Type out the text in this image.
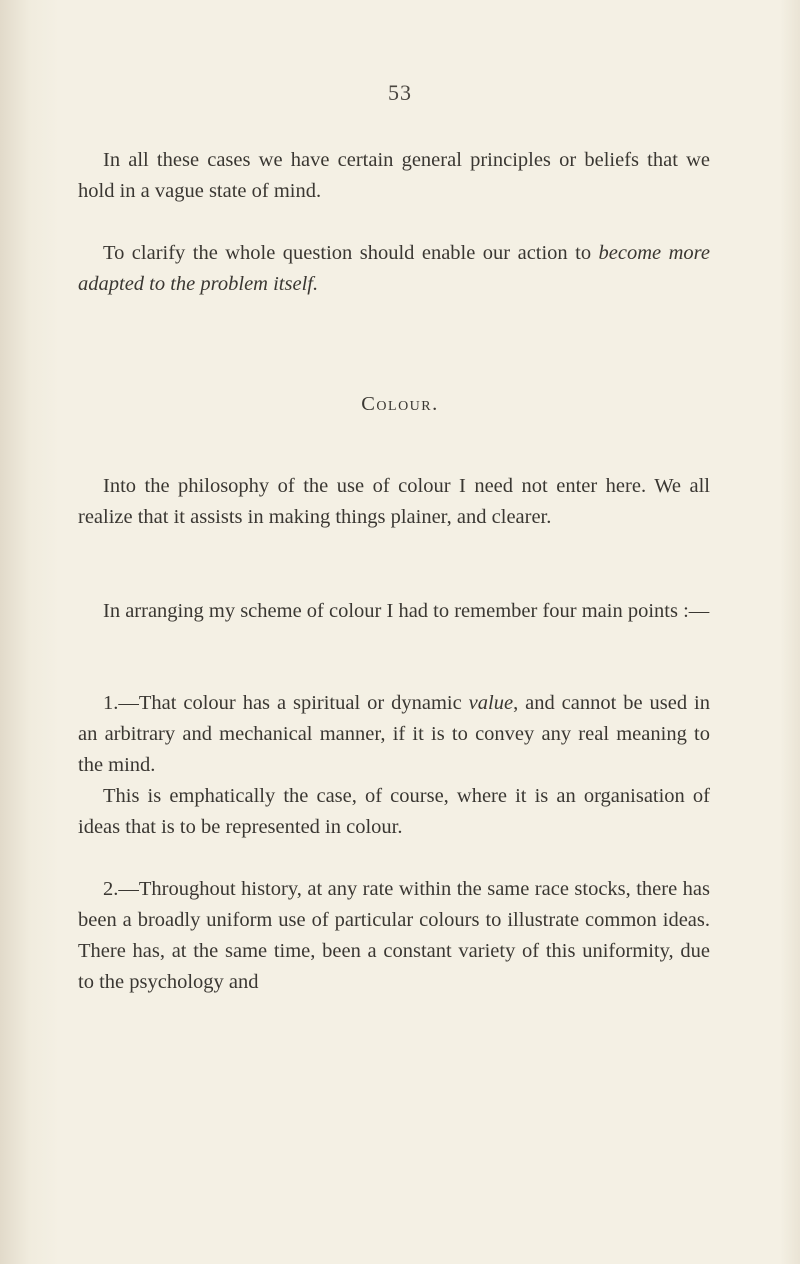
53

In all these cases we have certain general principles or beliefs that we hold in a vague state of mind.

To clarify the whole question should enable our action to become more adapted to the problem itself.

Colour.

Into the philosophy of the use of colour I need not enter here. We all realize that it assists in making things plainer, and clearer.

In arranging my scheme of colour I had to remember four main points :—

1.—That colour has a spiritual or dynamic value, and cannot be used in an arbitrary and mechanical manner, if it is to convey any real meaning to the mind.

This is emphatically the case, of course, where it is an organisation of ideas that is to be represented in colour.

2.—Throughout history, at any rate within the same race stocks, there has been a broadly uniform use of particular colours to illustrate common ideas. There has, at the same time, been a constant variety of this uniformity, due to the psychology and
